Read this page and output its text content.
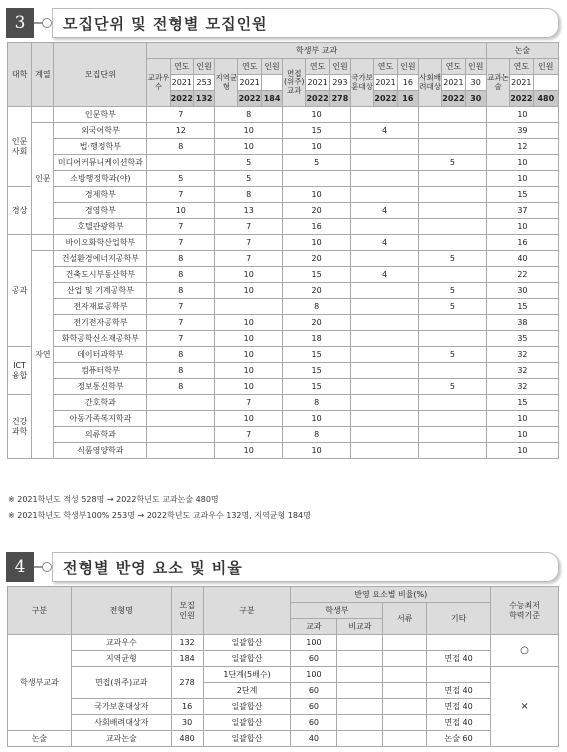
3	모집단위 및 전형별 모집인원
대학	계열	모집단위	학생부 교과															논술		
			교과우수	연도	인원	지역균형	연도	인원	면접(위주)교과	연도	인원	국가보훈대상	연도	인원	사회배려대상	연도	인원	교과논술	연도	인원
				2021	253		2021			2021	293		2021	16		2021	30		2021	
				2022	132		2022	184		2022	278		2022	16		2022	30		2022	480
인문
사회		인문학부	7			8			10									10		
	인문	외국어학부	12			10			15			4						39		
		법·행정학부	8			10			10									12		
		미디어커뮤니케이션학과				5			5						5			10		
		소방행정학과(야)	5			5												10		
경상		경제학부	7			8			10									15		
		경영학부	10			13			20			4						37		
		호텔관광학부	7			7			16									10		
공과		바이오화학산업학부	7			7			10			4						16		
	자연	건설환경에너지공학부	8			7			20						5			40		
		건축도시부동산학부	8			10			15			4						22		
		산업 및 기계공학부	8			10			20						5			30		
		전자재료공학부	7						8						5			15		
		전기전자공학부	7			10			20									38		
		화학공학신소재공학부	7			10			18									35		
ICT
융합		데이터과학부	8			10			15						5			32		
		컴퓨터학부	8			10			15									32		
		정보통신학부	8			10			15						5			32		
건강
과학		간호학과				7			8									15		
		아동가족복지학과				10			10									10		
		의류학과				7			8									10		
		식품영양학과				10			10									10		
※ 2021학년도 적성 528명 → 2022학년도 교과논술 480명
※ 2021학년도 학생부100% 253명 → 2022학년도 교과우수 132명, 지역균형 184명
4	전형별 반영 요소 및 비율
구분	전형명	모집
인원	구분	반영 요소별 비율(%)				수능최저
학력기준
				학생부		서류	기타	
				교과	비교과			
학생부교과	교과우수	132	일괄합산	100				○
	지역균형	184	일괄합산	60			면접 40	
	면접(위주)교과	278	1단계(5배수)	100				×
			2단계	60			면접 40	
	국가보훈대상자	16	일괄합산	60			면접 40	
	사회배려대상자	30	일괄합산	60			면접 40	
논술	교과논술	480	일괄합산	40			논술 60	
